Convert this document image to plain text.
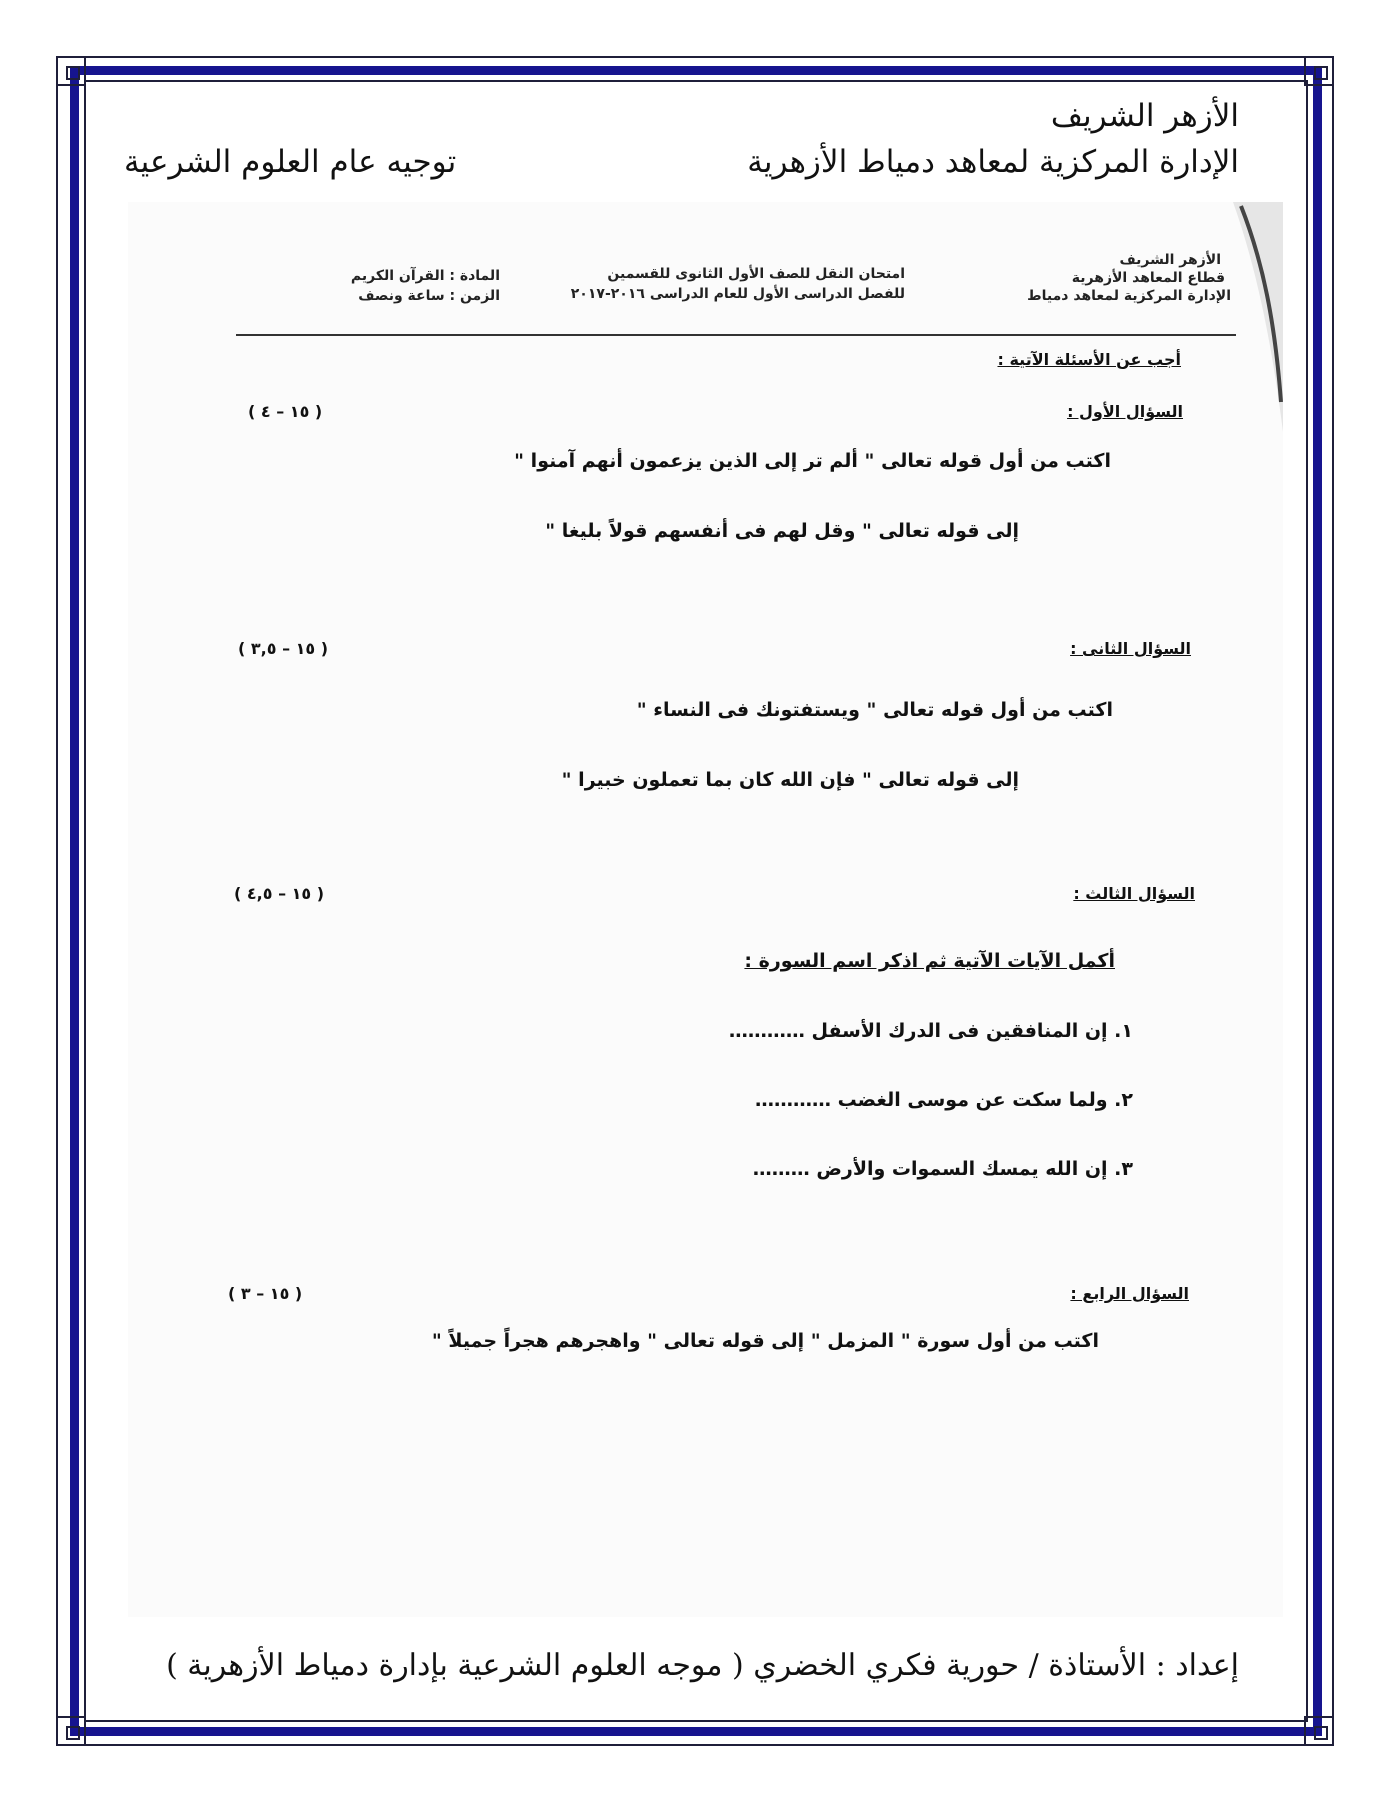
الأزهر الشريف
الإدارة المركزية لمعاهد دمياط الأزهرية
توجيه عام العلوم الشرعية
الأزهر الشريف
قطاع المعاهد الأزهرية
الإدارة المركزية لمعاهد دمياط
امتحان النقل للصف الأول الثانوى للقسمين
للفصل الدراسى الأول للعام الدراسى ٢٠١٦-٢٠١٧
المادة : القرآن الكريم
الزمن : ساعة ونصف
أجب عن الأسئلة الآتية :
السؤال الأول :
( ١٥ – ٤ )
اكتب من أول قوله تعالى " ألم تر إلى الذين يزعمون أنهم آمنوا "
إلى قوله تعالى " وقل لهم فى أنفسهم قولاً بليغا "
السؤال الثانى :
( ١٥ – ٣,٥ )
اكتب من أول قوله تعالى " ويستفتونك فى النساء "
إلى قوله تعالى " فإن الله كان بما تعملون خبيرا "
السؤال الثالث :
( ١٥ – ٤,٥ )
أكمل الآيات الآتية ثم اذكر اسم السورة :
١. إن المنافقين فى الدرك الأسفل …………
٢. ولما سكت عن موسى الغضب …………
٣. إن الله يمسك السموات والأرض ………
السؤال الرابع :
( ١٥ – ٣ )
اكتب من أول سورة " المزمل " إلى قوله تعالى " واهجرهم هجراً جميلاً "
إعداد : الأستاذة / حورية فكري الخضري ( موجه العلوم الشرعية بإدارة دمياط الأزهرية )
